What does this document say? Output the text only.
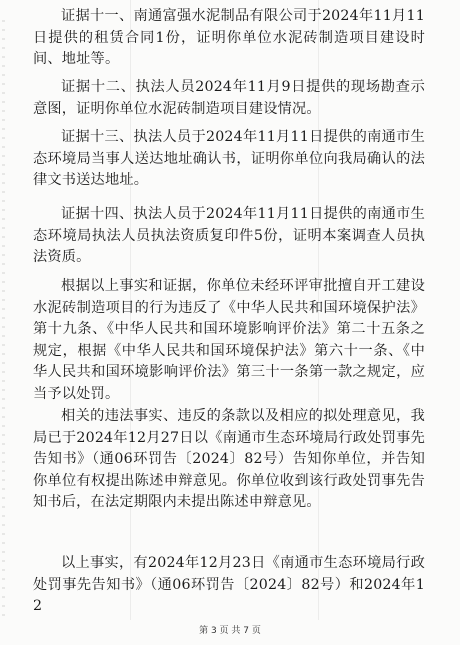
证据十一、南通富强水泥制品有限公司于2024年11月11日提供的租赁合同1份，证明你单位水泥砖制造项目建设时间、地址等。

证据十二、执法人员2024年11月9日提供的现场勘查示意图，证明你单位水泥砖制造项目建设情况。

证据十三、执法人员于2024年11月11日提供的南通市生态环境局当事人送达地址确认书，证明你单位向我局确认的法律文书送达地址。

证据十四、执法人员于2024年11月11日提供的南通市生态环境局执法人员执法资质复印件5份，证明本案调查人员执法资质。

根据以上事实和证据，你单位未经环评审批擅自开工建设水泥砖制造项目的行为违反了《中华人民共和国环境保护法》第十九条、《中华人民共和国环境影响评价法》第二十五条之规定，根据《中华人民共和国环境保护法》第六十一条、《中华人民共和国环境影响评价法》第三十一条第一款之规定，应当予以处罚。

相关的违法事实、违反的条款以及相应的拟处理意见，我局已于2024年12月27日以《南通市生态环境局行政处罚事先告知书》（通06环罚告〔2024〕82号）告知你单位，并告知你单位有权提出陈述申辩意见。你单位收到该行政处罚事先告知书后，在法定期限内未提出陈述申辩意见。

以上事实，有2024年12月23日《南通市生态环境局行政处罚事先告知书》（通06环罚告〔2024〕82号）和2024年12

第 3 页 共 7 页
